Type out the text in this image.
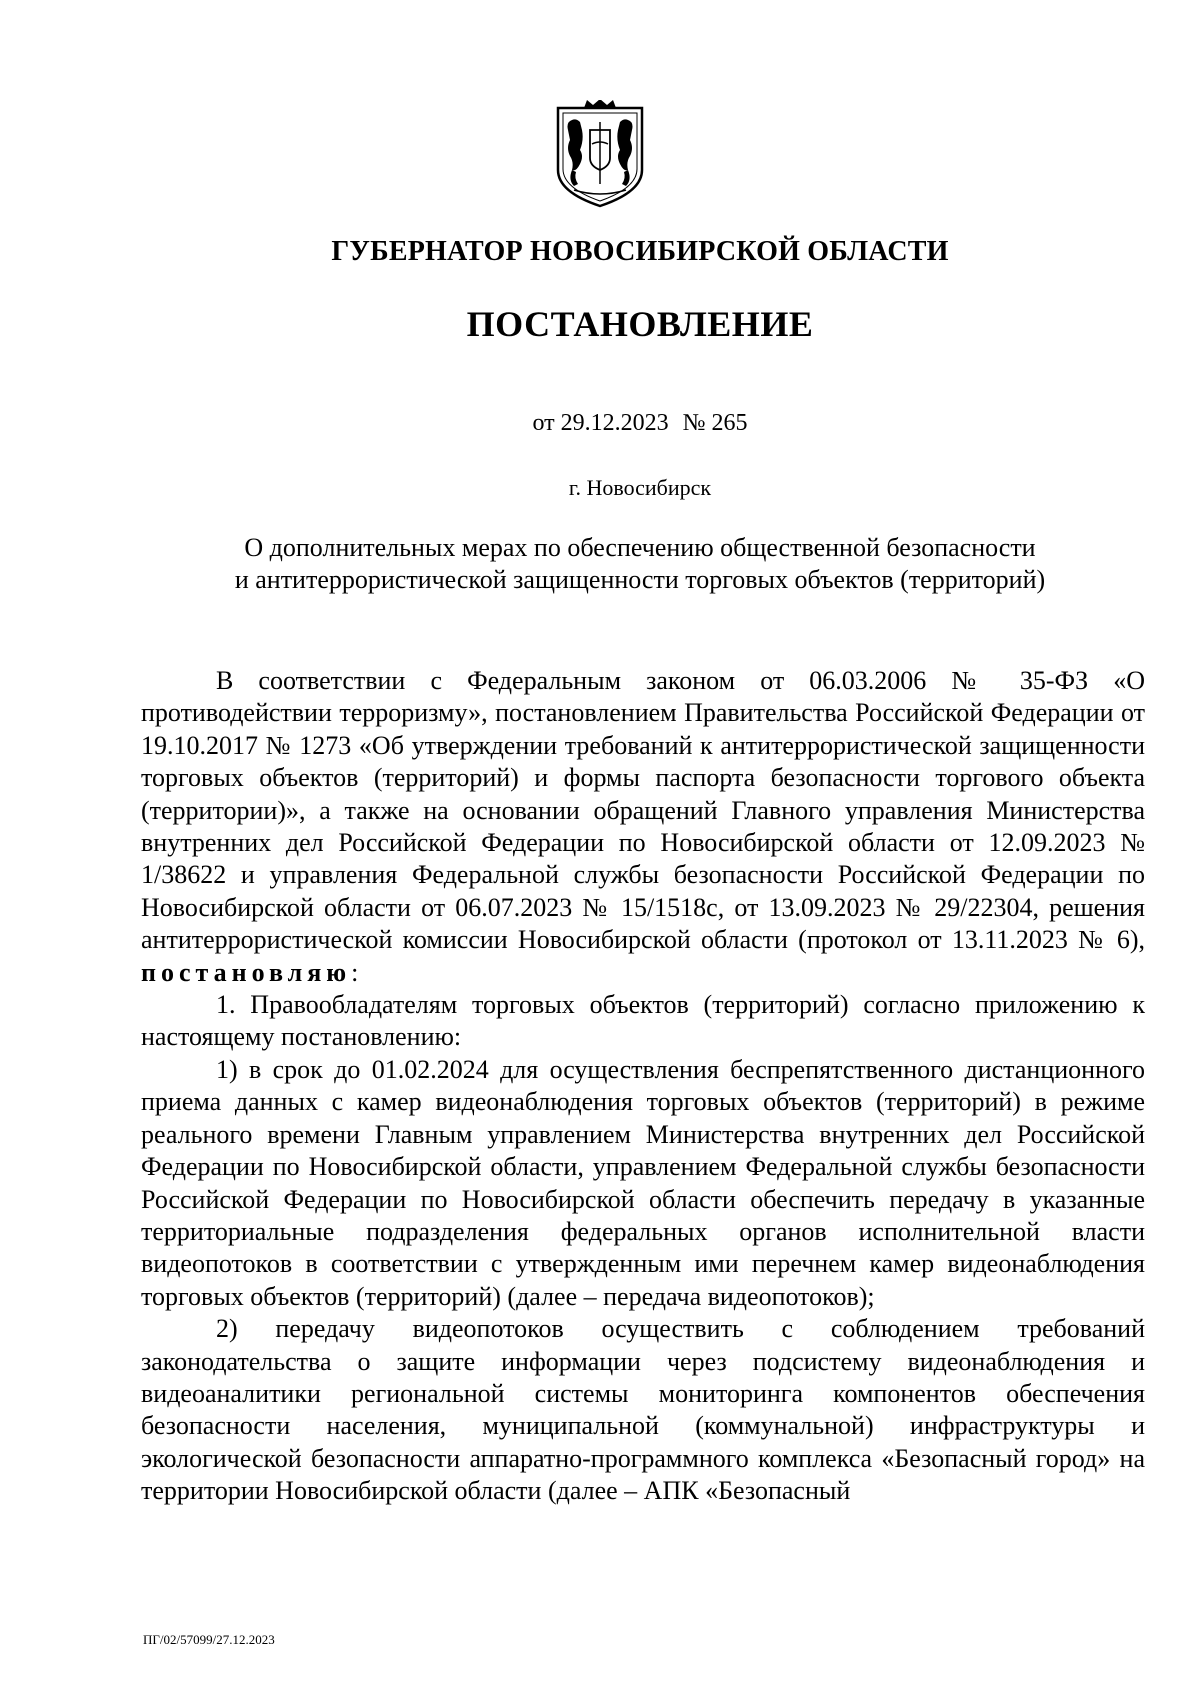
ГУБЕРНАТОР НОВОСИБИРСКОЙ ОБЛАСТИ
ПОСТАНОВЛЕНИЕ
от 29.12.2023 № 265
г. Новосибирск
О дополнительных мерах по обеспечению общественной безопасности
и антитеррористической защищенности торговых объектов (территорий)

В соответствии с Федеральным законом от 06.03.2006 № 35-ФЗ «О противодействии терроризму», постановлением Правительства Российской Федерации от 19.10.2017 № 1273 «Об утверждении требований к антитеррористической защищенности торговых объектов (территорий) и формы паспорта безопасности торгового объекта (территории)», а также на основании обращений Главного управления Министерства внутренних дел Российской Федерации по Новосибирской области от 12.09.2023 № 1/38622 и управления Федеральной службы безопасности Российской Федерации по Новосибирской области от 06.07.2023 № 15/1518с, от 13.09.2023 № 29/22304, решения антитеррористической комиссии Новосибирской области (протокол от 13.11.2023 № 6), постановляю:

1. Правообладателям торговых объектов (территорий) согласно приложению к настоящему постановлению:

1) в срок до 01.02.2024 для осуществления беспрепятственного дистанционного приема данных с камер видеонаблюдения торговых объектов (территорий) в режиме реального времени Главным управлением Министерства внутренних дел Российской Федерации по Новосибирской области, управлением Федеральной службы безопасности Российской Федерации по Новосибирской области обеспечить передачу в указанные территориальные подразделения федеральных органов исполнительной власти видеопотоков в соответствии с утвержденным ими перечнем камер видеонаблюдения торговых объектов (территорий) (далее – передача видеопотоков);

2) передачу видеопотоков осуществить с соблюдением требований законодательства о защите информации через подсистему видеонаблюдения и видеоаналитики региональной системы мониторинга компонентов обеспечения безопасности населения, муниципальной (коммунальной) инфраструктуры и экологической безопасности аппаратно-программного комплекса «Безопасный город» на территории Новосибирской области (далее – АПК «Безопасный

ПГ/02/57099/27.12.2023
